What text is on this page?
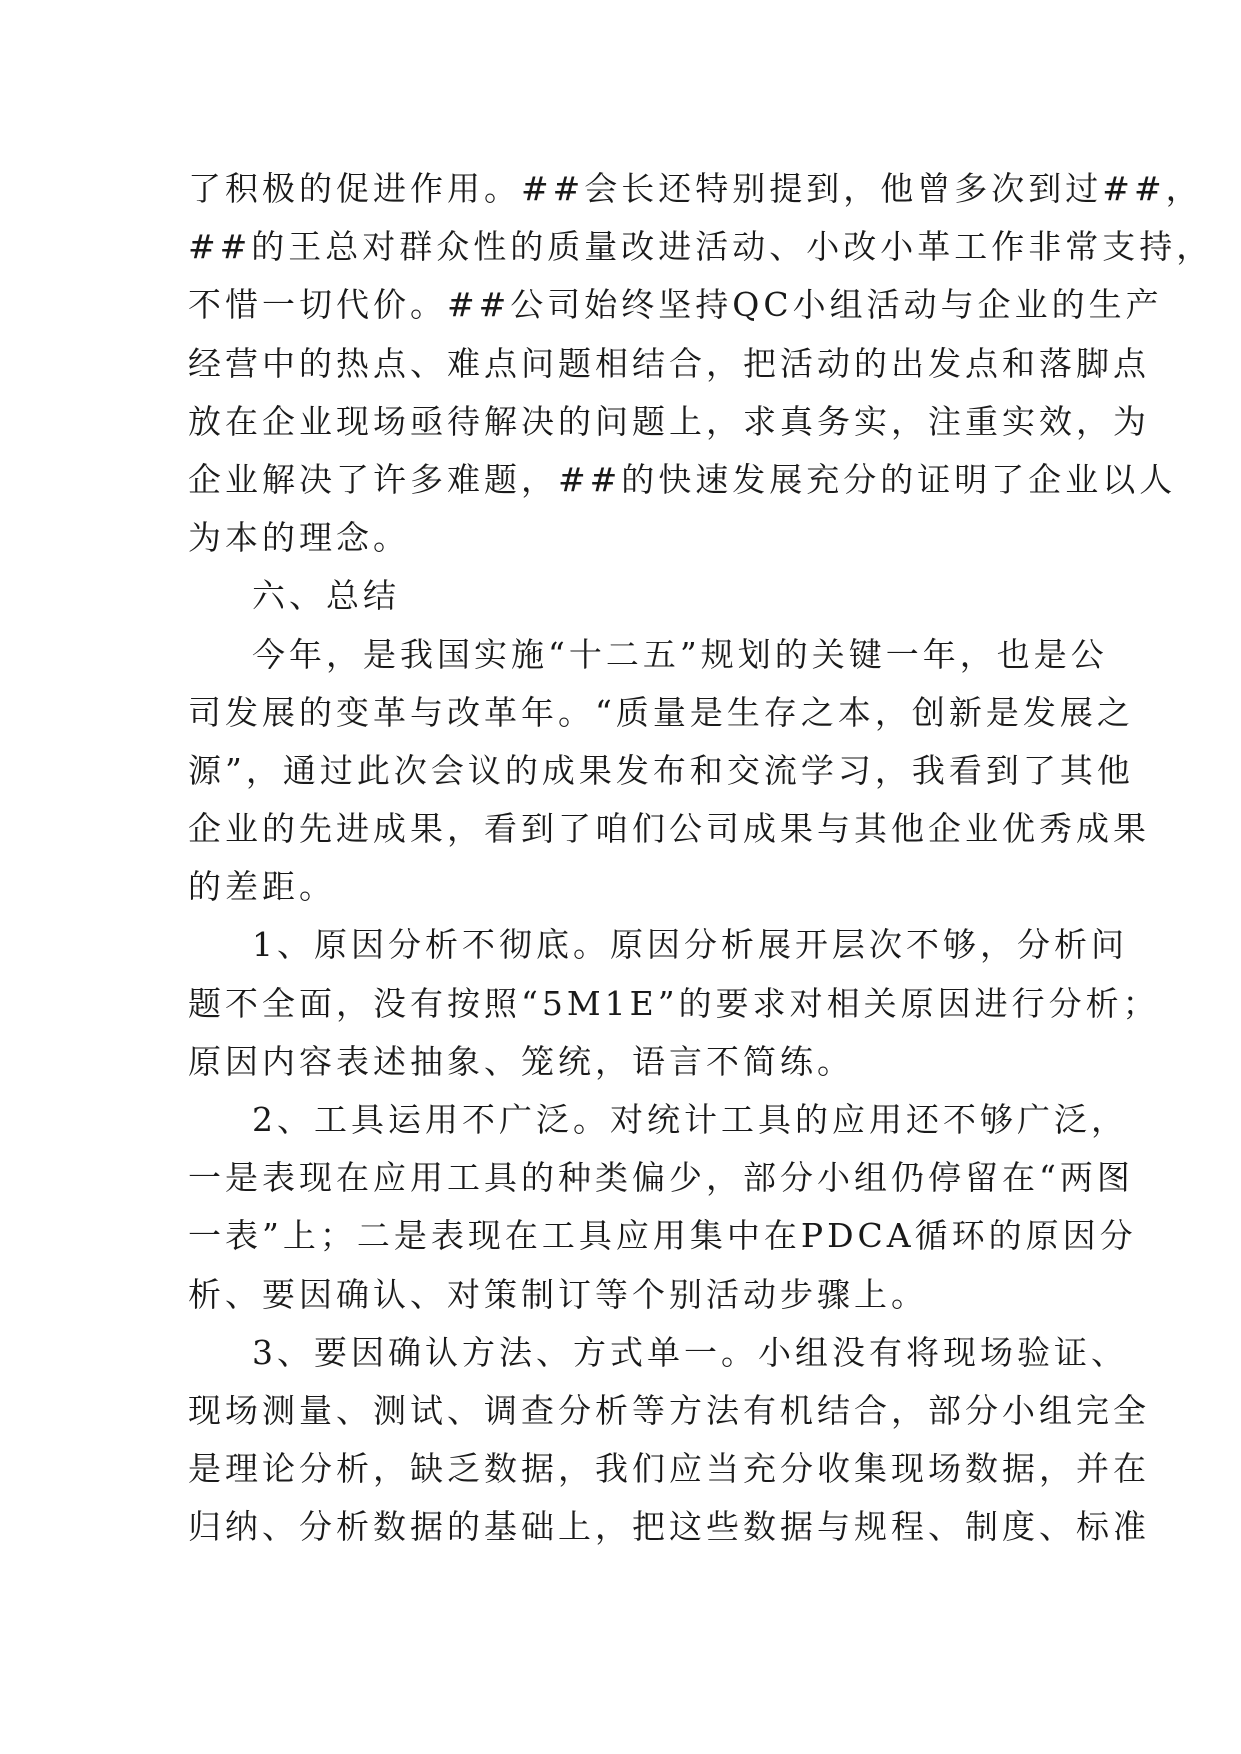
了积极的促进作用。##会长还特别提到，他曾多次到过##，
##的王总对群众性的质量改进活动、小改小革工作非常支持，
不惜一切代价。##公司始终坚持QC小组活动与企业的生产
经营中的热点、难点问题相结合，把活动的出发点和落脚点
放在企业现场亟待解决的问题上，求真务实，注重实效，为
企业解决了许多难题，##的快速发展充分的证明了企业以人
为本的理念。
六、总结
今年，是我国实施“十二五”规划的关键一年，也是公
司发展的变革与改革年。“质量是生存之本，创新是发展之
源”，通过此次会议的成果发布和交流学习，我看到了其他
企业的先进成果，看到了咱们公司成果与其他企业优秀成果
的差距。
1、原因分析不彻底。原因分析展开层次不够，分析问
题不全面，没有按照“5M1E”的要求对相关原因进行分析；
原因内容表述抽象、笼统，语言不简练。
2、工具运用不广泛。对统计工具的应用还不够广泛，
一是表现在应用工具的种类偏少，部分小组仍停留在“两图
一表”上；二是表现在工具应用集中在PDCA循环的原因分
析、要因确认、对策制订等个别活动步骤上。
3、要因确认方法、方式单一。小组没有将现场验证、
现场测量、测试、调查分析等方法有机结合，部分小组完全
是理论分析，缺乏数据，我们应当充分收集现场数据，并在
归纳、分析数据的基础上，把这些数据与规程、制度、标准
